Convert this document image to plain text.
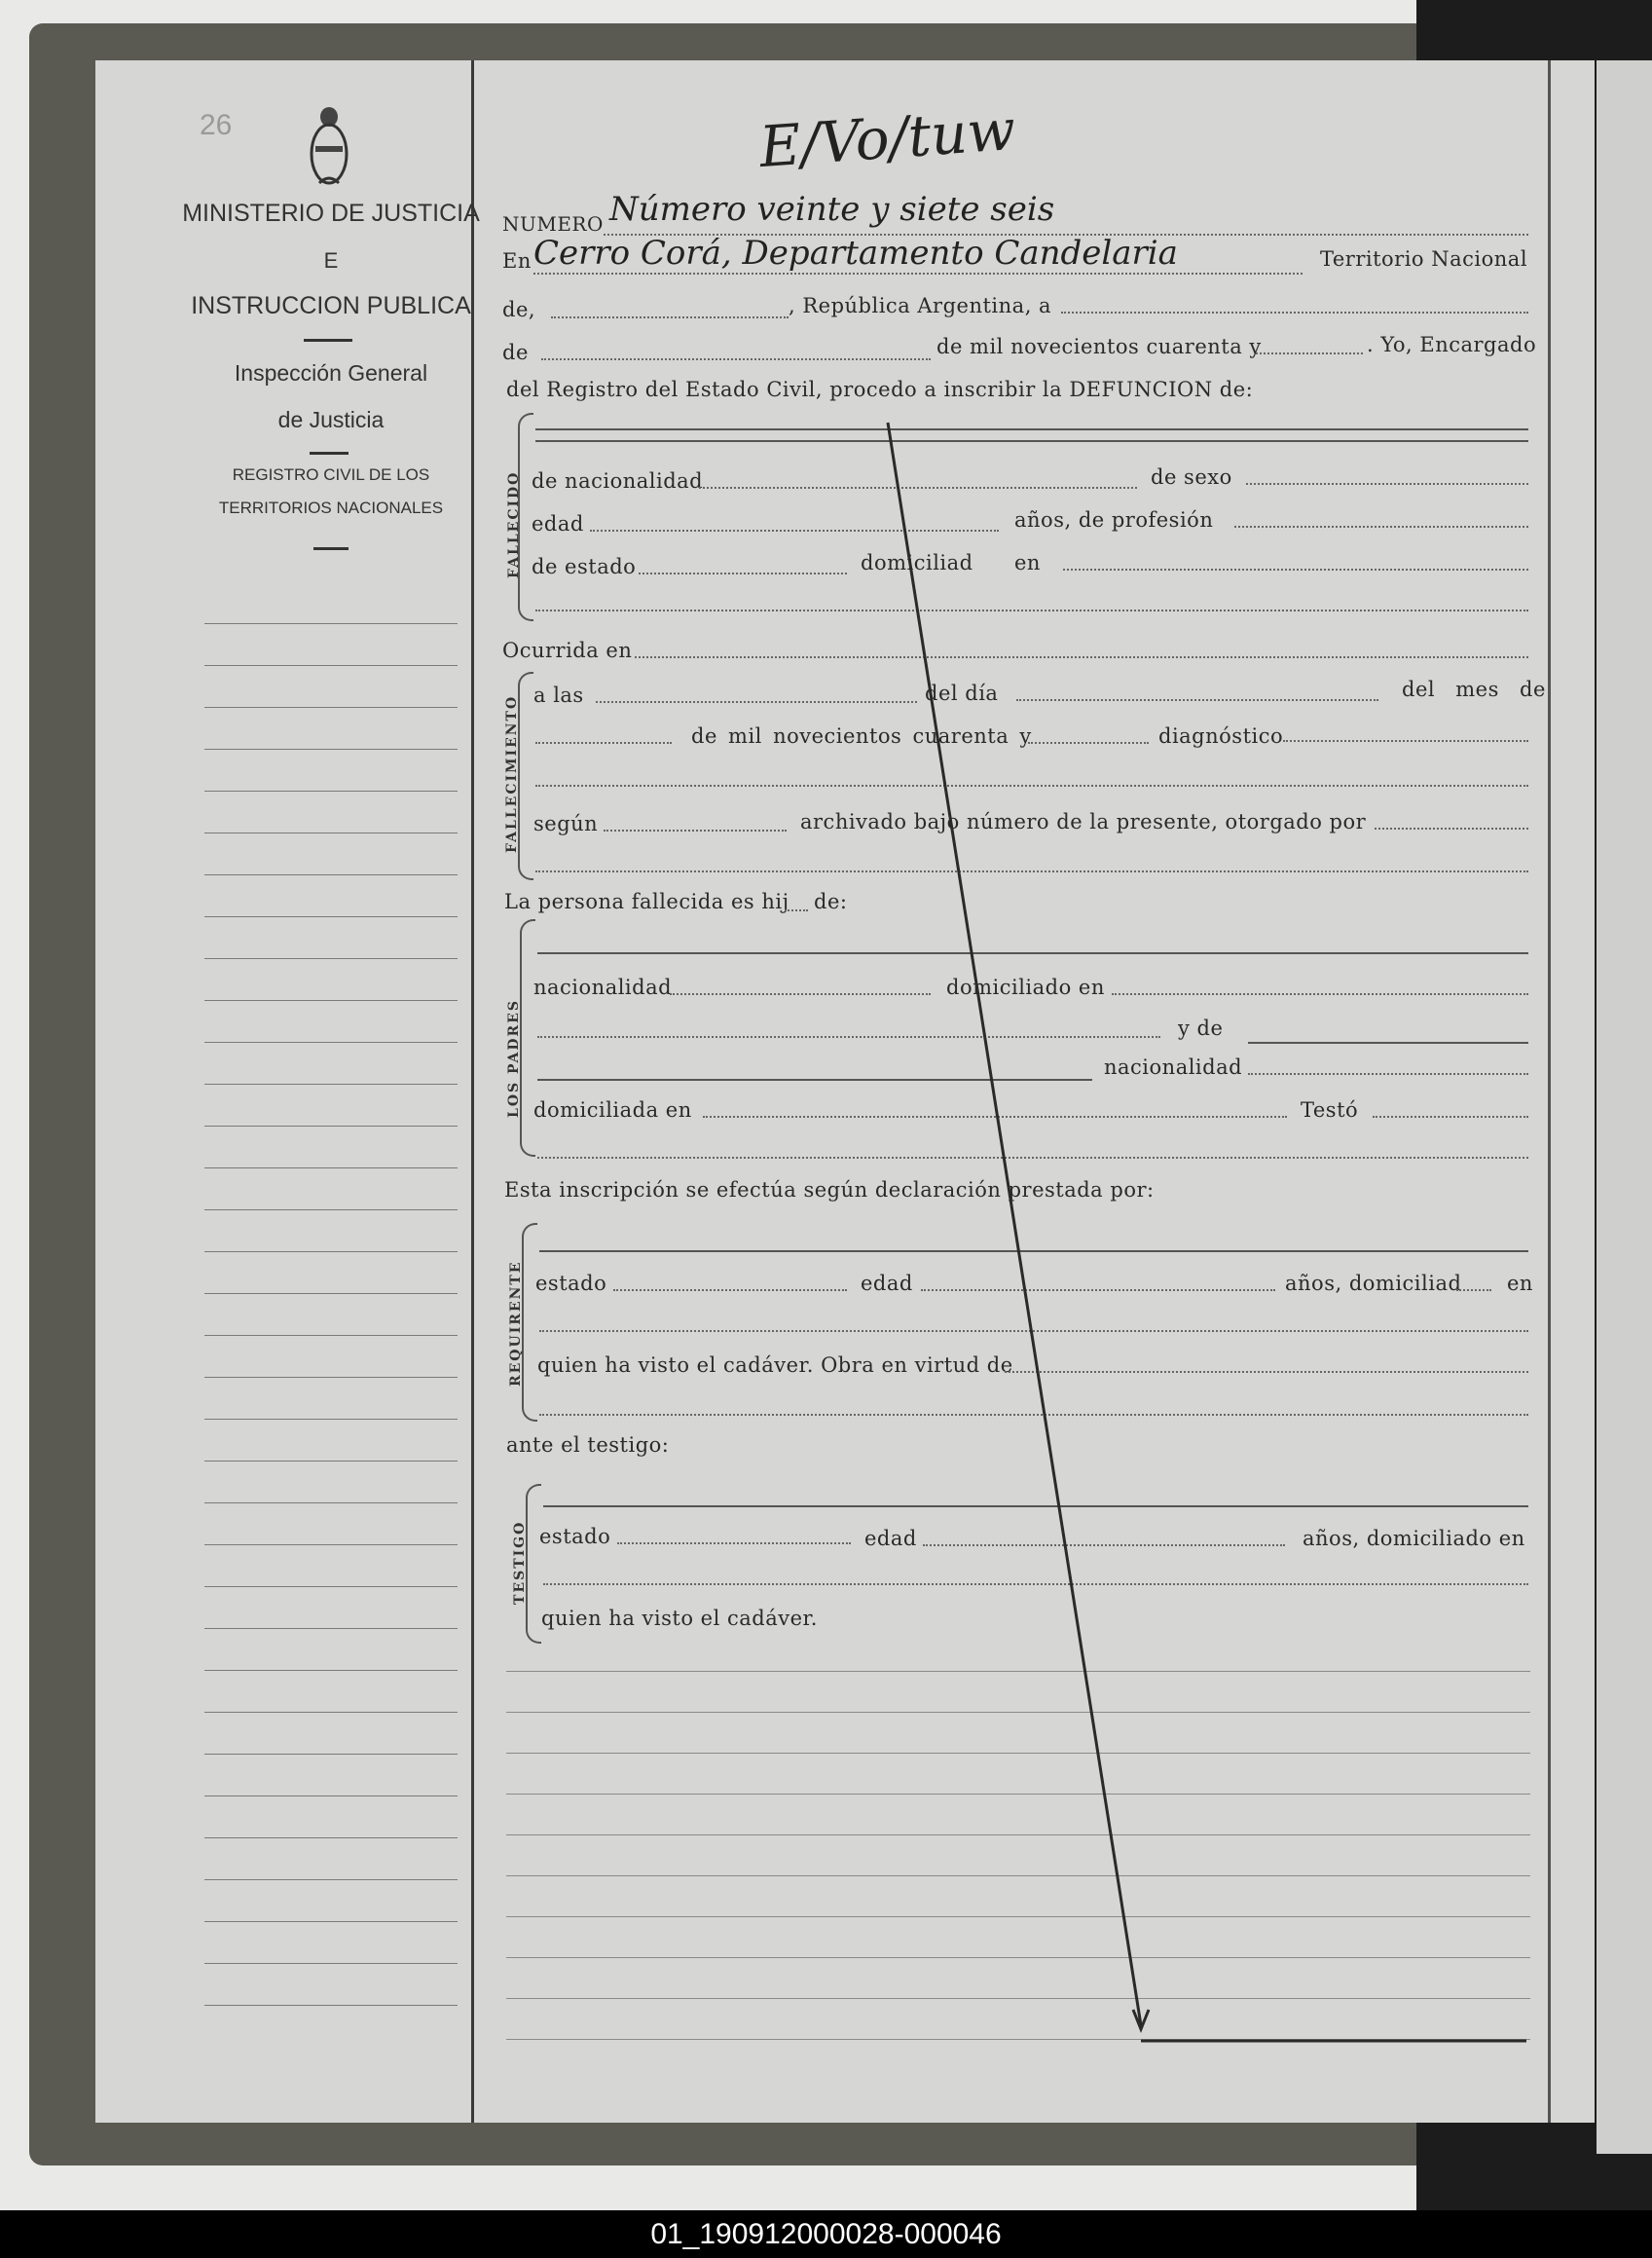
26
MINISTERIO DE JUSTICIA
E
INSTRUCCION PUBLICA
Inspección General
de Justicia
REGISTRO CIVIL DE LOS
TERRITORIOS NACIONALES
E/Vo/tuw
NUMERO Número veinte y siete seis
En Cerro Corá, Departamento Candelaria	Territorio Nacional
de,	, República Argentina, a
de	de mil novecientos cuarenta y	. Yo, Encargado
del Registro del Estado Civil, procedo a inscribir la DEFUNCION de:
FALLECIDO de nacionalidad	de sexo
edad	años, de profesión
de estado	domiciliad en
Ocurrida en
FALLECIMIENTO a las	del día	del mes de
de mil novecientos cuarenta y	diagnóstico
según	archivado bajo número de la presente, otorgado por
La persona fallecida es hij de:
LOS PADRES
nacionalidad	domiciliado en
y de
nacionalidad
domiciliada en	Testó
Esta inscripción se efectúa según declaración prestada por:
REQUIRENTE estado	edad	años, domiciliad en
quien ha visto el cadáver. Obra en virtud de
ante el testigo:
TESTIGO estado	edad	años, domiciliado en
quien ha visto el cadáver.
01_190912000028-000046
